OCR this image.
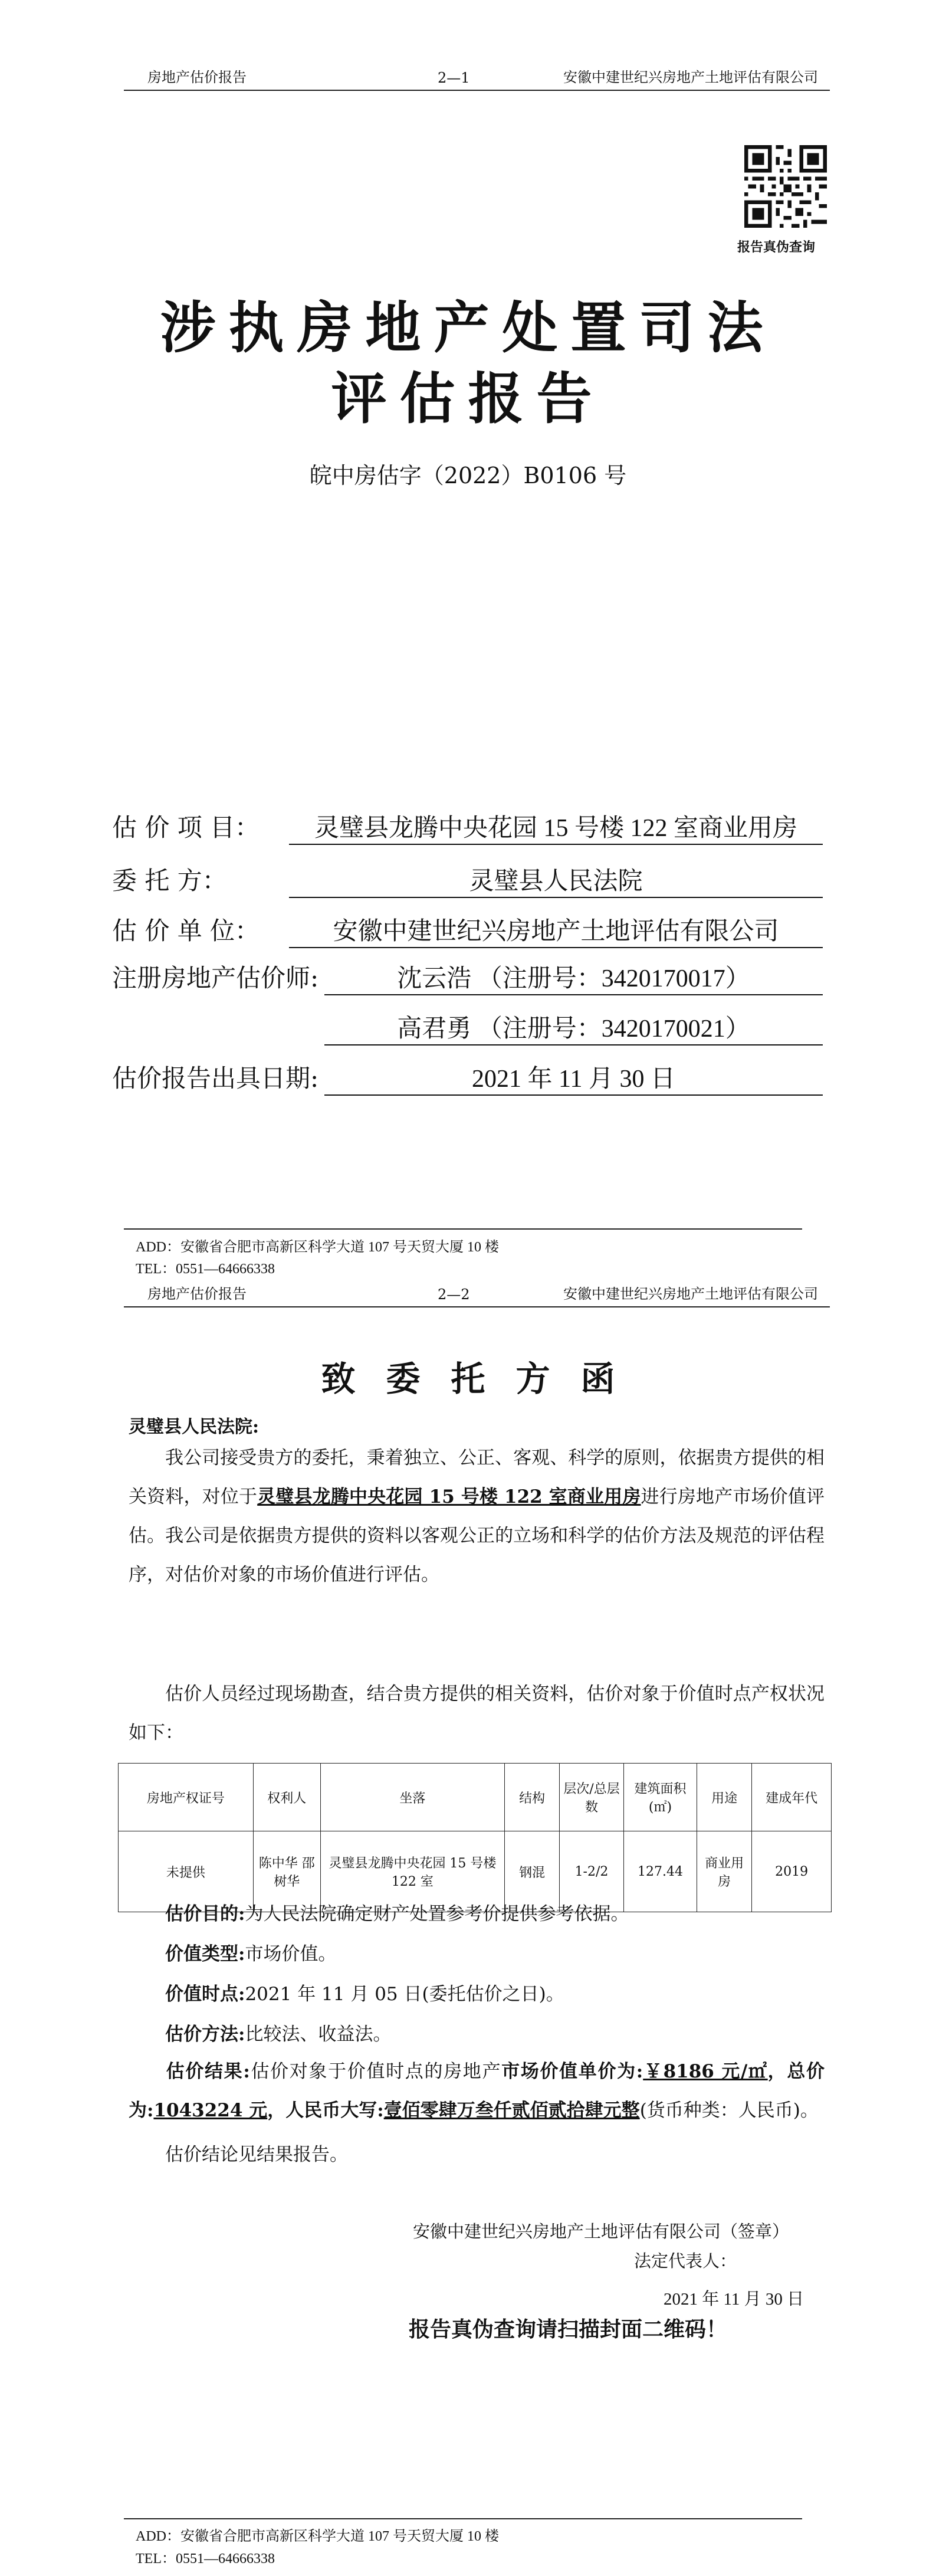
房地产估价报告	2—1	安徽中建世纪兴房地产土地评估有限公司
报告真伪查询
涉执房地产处置司法
评估报告
皖中房估字（2022）B0106 号
估 价 项 目：	灵璧县龙腾中央花园 15 号楼 122 室商业用房
委 托 方：	灵璧县人民法院
估 价 单 位：	安徽中建世纪兴房地产土地评估有限公司
注册房地产估价师:	沈云浩 （注册号：3420170017）
高君勇 （注册号：3420170021）
估价报告出具日期:	2021 年 11 月 30 日
ADD：安徽省合肥市高新区科学大道 107 号天贸大厦 10 楼
TEL：0551—64666338
房地产估价报告	2—2	安徽中建世纪兴房地产土地评估有限公司
致委托方函
灵璧县人民法院:
我公司接受贵方的委托，秉着独立、公正、客观、科学的原则，依据贵方提供的相关资料，对位于灵璧县龙腾中央花园 15 号楼 122 室商业用房进行房地产市场价值评估。我公司是依据贵方提供的资料以客观公正的立场和科学的估价方法及规范的评估程序，对估价对象的市场价值进行评估。
估价人员经过现场勘查，结合贵方提供的相关资料，估价对象于价值时点产权状况如下：
房地产权证号	权利人	坐落	结构	层次/总层数	建筑面积(㎡)	用途	建成年代
未提供	陈中华 邵树华	灵璧县龙腾中央花园 15 号楼 122 室	钢混	1-2/2	127.44	商业用房	2019
估价目的:为人民法院确定财产处置参考价提供参考依据。
价值类型:市场价值。
价值时点:2021 年 11 月 05 日(委托估价之日)。
估价方法:比较法、收益法。
估价结果:估价对象于价值时点的房地产市场价值单价为:￥8186 元/㎡，总价为:1043224 元，人民币大写:壹佰零肆万叁仟贰佰贰拾肆元整(货币种类：人民币)。
估价结论见结果报告。
安徽中建世纪兴房地产土地评估有限公司（签章）
法定代表人：
2021 年 11 月 30 日
报告真伪查询请扫描封面二维码！
ADD：安徽省合肥市高新区科学大道 107 号天贸大厦 10 楼
TEL：0551—64666338
